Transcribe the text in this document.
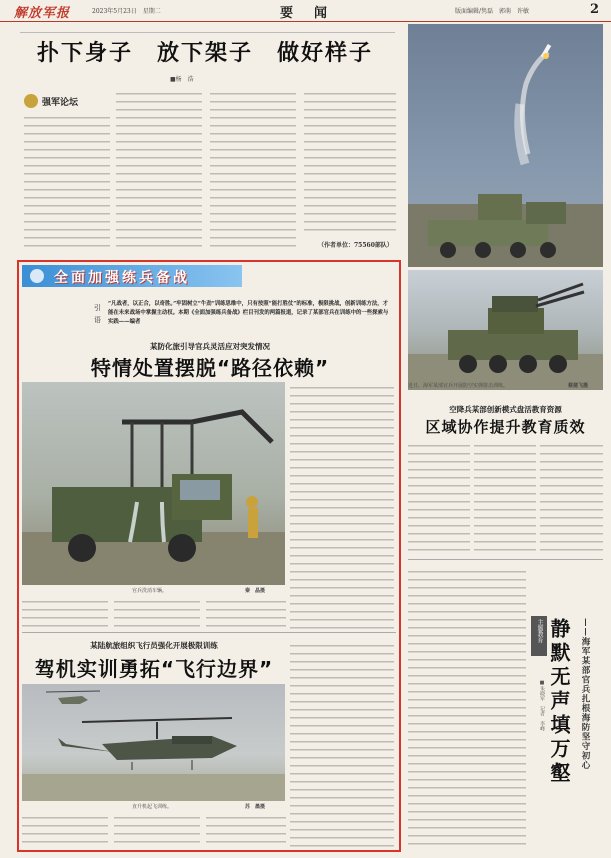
解放军报	2023年5月23日　星期二	要　闻	版面编辑/隽磊　郭萌　许敏	2
扑下身子　放下架子　做好样子
■杨　浩
强军论坛
（作者单位：75560部队）
全面加强练兵备战
引语
“凡战者，以正合，以奇胜。”牢固树立“牛劲”训练思维中，只有按照“能打胜仗”的标准，极限挑战，创新训练方法，才能在未来战场中掌握主动权。本期《全面加强练兵备战》栏目刊发的两篇报道，记录了某部官兵在训练中的一些探索与实践——编者
某防化旅引导官兵灵活应对突发情况
特情处置摆脱“路径依赖”
官兵洗消车辆。	秦　晶摄
某陆航旅组织飞行员强化开展极限训练
驾机实训勇拓“飞行边界”
直升机起飞训练。	苏　墨摄
近日，海军某部官兵开展防空实弹射击训练。	蔡建飞摄
空降兵某部创新模式盘活教育资源
区域协作提升教育质效
主题教育
■朱晓军　记者　李峰 静默无声填万壑	——海军某部官兵扎根海防坚守初心
